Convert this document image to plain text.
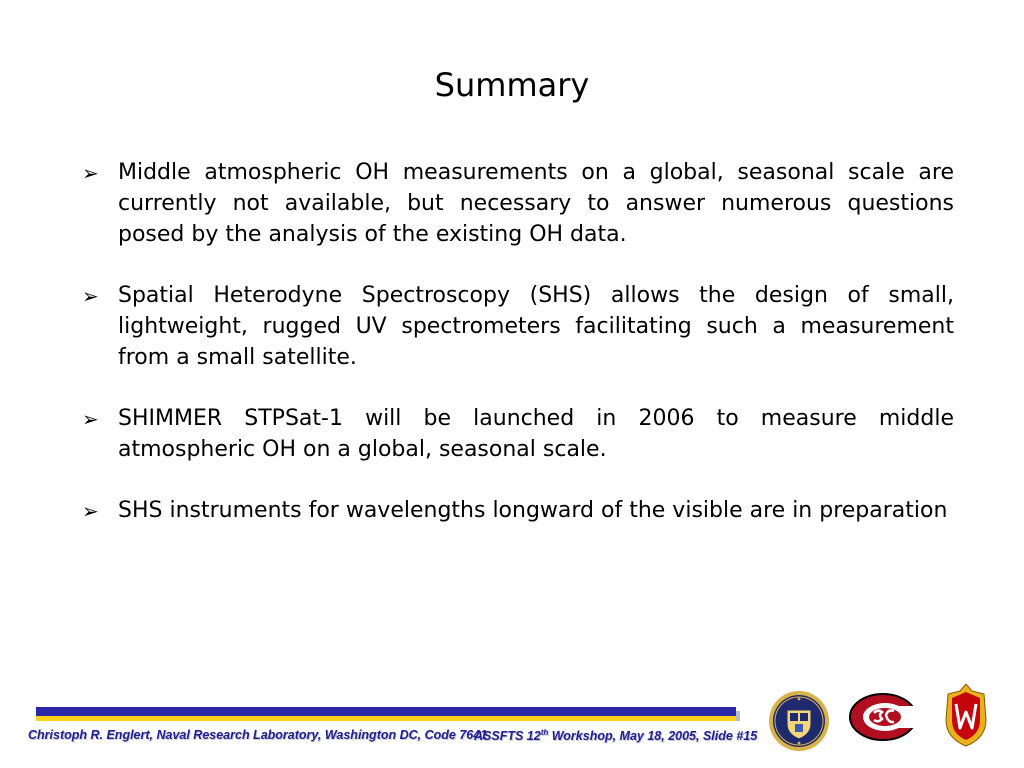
Summary
➢ Middle atmospheric OH measurements on a global, seasonal scale are currently not available, but necessary to answer numerous questions posed by the analysis of the existing OH data.
➢ Spatial Heterodyne Spectroscopy (SHS) allows the design of small, lightweight, rugged UV spectrometers facilitating such a measurement from a small satellite.
➢ SHIMMER STPSat-1 will be launched in 2006 to measure middle atmospheric OH on a global, seasonal scale.
➢ SHS instruments for wavelengths longward of the visible are in preparation
Christoph R. Englert, Naval Research Laboratory, Washington DC, Code 7641
ASSFTS 12th Workshop, May 18, 2005, Slide #15
